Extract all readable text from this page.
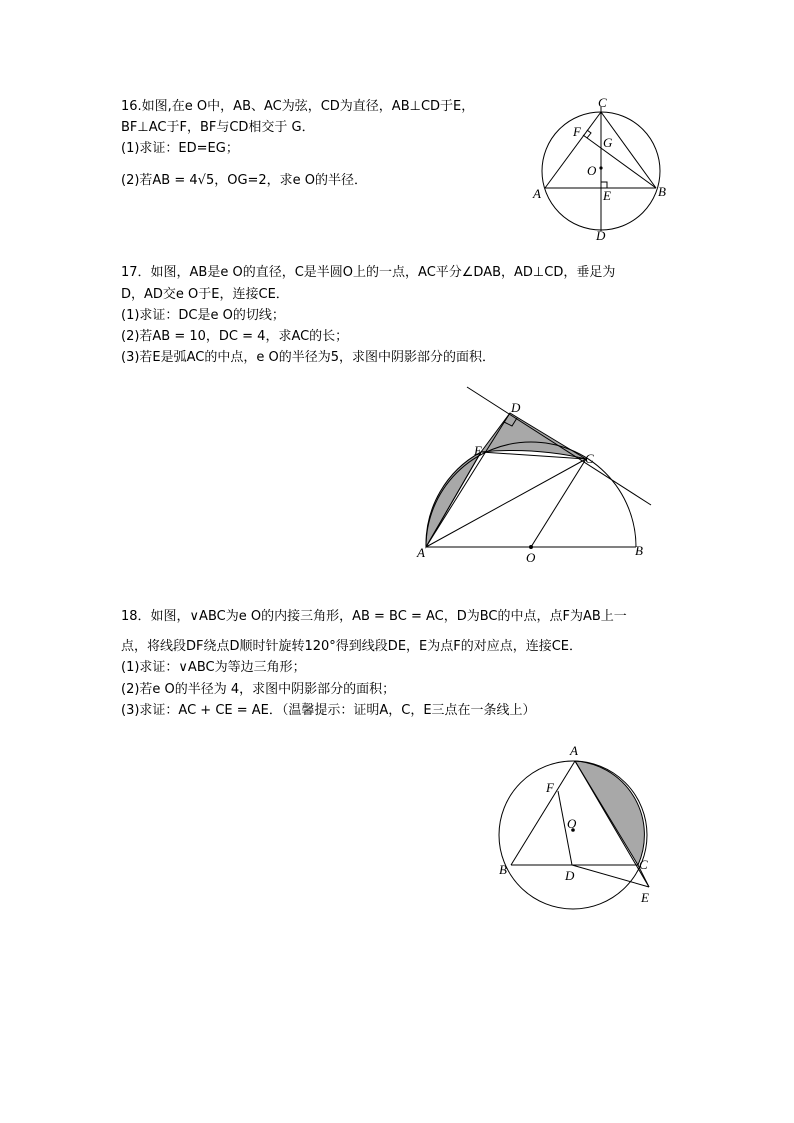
16.如图,在e O中，AB、AC为弦，CD为直径，AB⊥CD于E，
BF⊥AC于F，BF与CD相交于 G．
(1)求证：ED=EG；
(2)若AB = 4√5，OG=2，求e O的半径．
C
F
G
O
A	B
E
D
17．如图，AB是e O的直径，C是半圆O上的一点，AC平分∠DAB，AD⊥CD，垂足为
D，AD交e O于E，连接CE．
(1)求证：DC是e O的切线；
(2)若AB = 10，DC = 4，求AC的长；
(3)若E是弧AC的中点，e O的半径为5，求图中阴影部分的面积．
D
E
C
A	O	B
18．如图，∨ABC为e O的内接三角形，AB = BC = AC，D为BC的中点，点F为AB上一
点，将线段DF绕点D顺时针旋转120°得到线段DE，E为点F的对应点，连接CE．
(1)求证：∨ABC为等边三角形；
(2)若e O的半径为 4，求图中阴影部分的面积；
(3)求证：AC + CE = AE．（温馨提示：证明A，C，E三点在一条线上）
A
F
O
B	D
C
E
